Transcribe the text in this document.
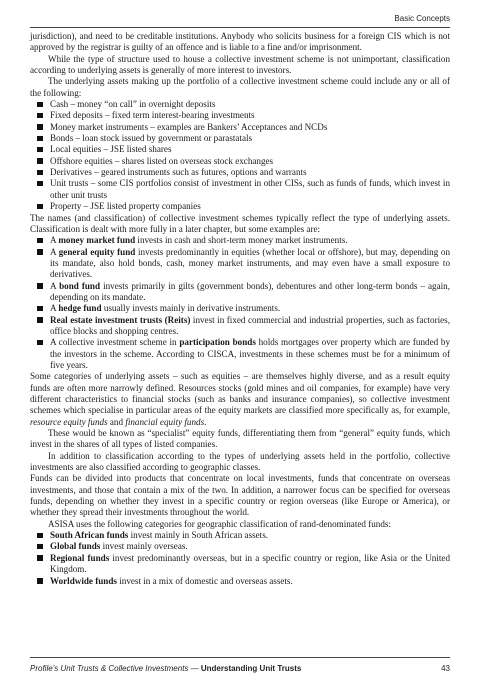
Basic Concepts

jurisdiction), and need to be creditable institutions. Anybody who solicits business for a foreign CIS which is not approved by the registrar is guilty of an offence and is liable to a fine and/or imprisonment.

While the type of structure used to house a collective investment scheme is not unimportant, classification according to underlying assets is generally of more interest to investors.

The underlying assets making up the portfolio of a collective investment scheme could include any or all of the following:

Cash – money “on call” in overnight deposits
Fixed deposits – fixed term interest-bearing investments
Money market instruments – examples are Bankers’ Acceptances and NCDs
Bonds – loan stock issued by government or parastatals
Local equities – JSE listed shares
Offshore equities – shares listed on overseas stock exchanges
Derivatives – geared instruments such as futures, options and warrants
Unit trusts – some CIS portfolios consist of investment in other CISs, such as funds of funds, which invest in other unit trusts
Property – JSE listed property companies

The names (and classification) of collective investment schemes typically reflect the type of underlying assets. Classification is dealt with more fully in a later chapter, but some examples are:

A money market fund invests in cash and short-term money market instruments.
A general equity fund invests predominantly in equities (whether local or offshore), but may, depending on its mandate, also hold bonds, cash, money market instruments, and may even have a small exposure to derivatives.
A bond fund invests primarily in gilts (government bonds), debentures and other long-term bonds – again, depending on its mandate.
A hedge fund usually invests mainly in derivative instruments.
Real estate investment trusts (Reits) invest in fixed commercial and industrial properties, such as factories, office blocks and shopping centres.
A collective investment scheme in participation bonds holds mortgages over property which are funded by the investors in the scheme. According to CISCA, investments in these schemes must be for a minimum of five years.

Some categories of underlying assets – such as equities – are themselves highly diverse, and as a result equity funds are often more narrowly defined. Resources stocks (gold mines and oil companies, for example) have very different characteristics to financial stocks (such as banks and insurance companies), so collective investment schemes which specialise in particular areas of the equity markets are classified more specifically as, for example, resource equity funds and financial equity funds.

These would be known as “specialist” equity funds, differentiating them from “general” equity funds, which invest in the shares of all types of listed companies.

In addition to classification according to the types of underlying assets held in the portfolio, collective investments are also classified according to geographic classes.

Funds can be divided into products that concentrate on local investments, funds that concentrate on overseas investments, and those that contain a mix of the two. In addition, a narrower focus can be specified for overseas funds, depending on whether they invest in a specific country or region overseas (like Europe or America), or whether they spread their investments throughout the world.

ASISA uses the following categories for geographic classification of rand-denominated funds:

South African funds invest mainly in South African assets.
Global funds invest mainly overseas.
Regional funds invest predominantly overseas, but in a specific country or region, like Asia or the United Kingdom.
Worldwide funds invest in a mix of domestic and overseas assets.
Profile’s Unit Trusts & Collective Investments — Understanding Unit Trusts	43
